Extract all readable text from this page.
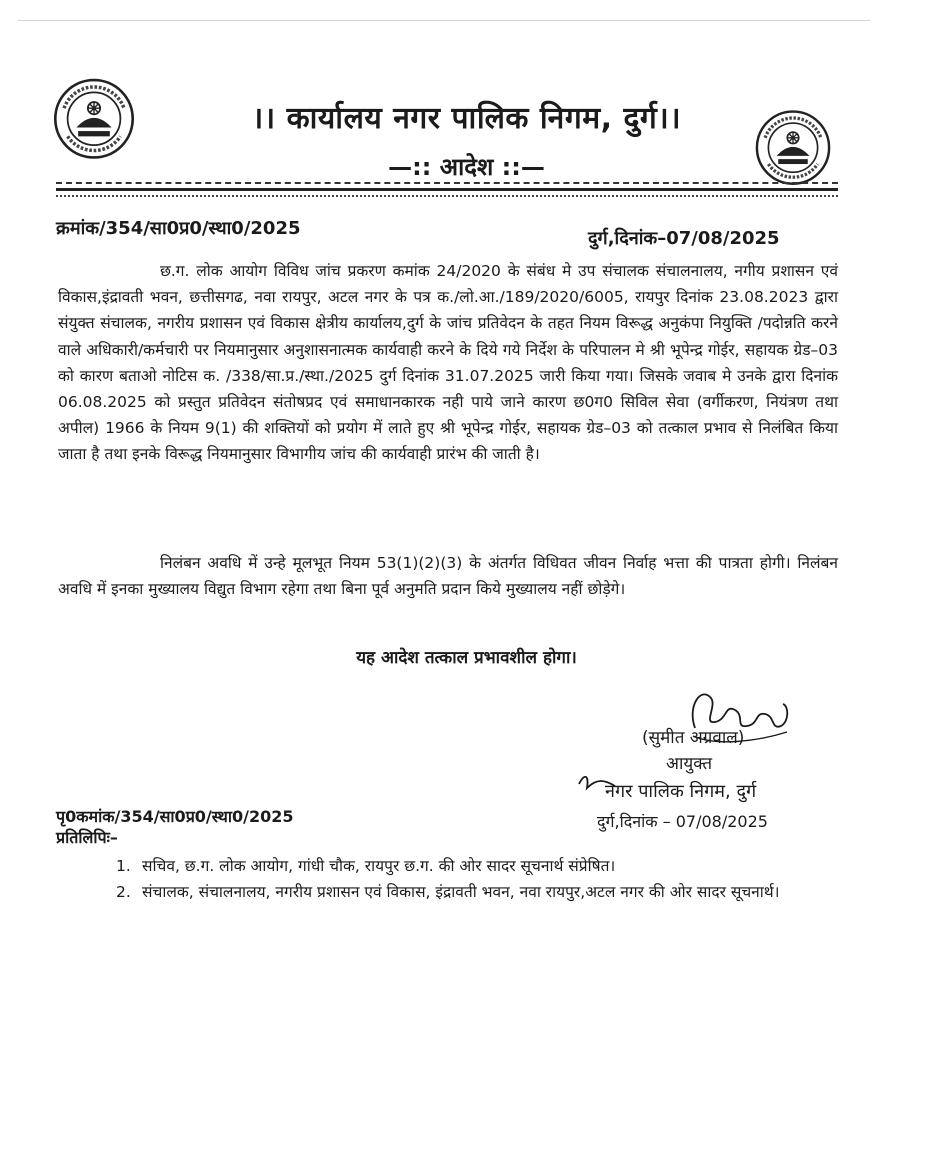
।। कार्यालय नगर पालिक निगम, दुर्ग।।
—:: आदेश ::—
क्रमांक/354/सा0प्र0/स्था0/2025	दुर्ग,दिनांक–07/08/2025
छ.ग. लोक आयोग विविध जांच प्रकरण कमांक 24/2020 के संबंध मे उप संचालक संचालनालय, नगीय प्रशासन एवं विकास,इंद्रावती भवन, छत्तीसगढ, नवा रायपुर, अटल नगर के पत्र क./लो.आ./189/2020/6005, रायपुर दिनांक 23.08.2023 द्वारा संयुक्त संचालक, नगरीय प्रशासन एवं विकास क्षेत्रीय कार्यालय,दुर्ग के जांच प्रतिवेदन के तहत नियम विरूद्ध अनुकंपा नियुक्ति /पदोन्नति करने वाले अधिकारी/कर्मचारी पर नियमानुसार अनुशासनात्मक कार्यवाही करने के दिये गये निर्देश के परिपालन मे श्री भूपेन्द्र गोईर, सहायक ग्रेड–03 को कारण बताओ नोटिस क. /338/सा.प्र./स्था./2025 दुर्ग दिनांक 31.07.2025 जारी किया गया। जिसके जवाब मे उनके द्वारा दिनांक 06.08.2025 को प्रस्तुत प्रतिवेदन संतोषप्रद एवं समाधानकारक नही पाये जाने कारण छ0ग0 सिविल सेवा (वर्गीकरण, नियंत्रण तथा अपील) 1966 के नियम 9(1) की शक्तियों को प्रयोग में लाते हुए श्री भूपेन्द्र गोईर, सहायक ग्रेड–03 को तत्काल प्रभाव से निलंबित किया जाता है तथा इनके विरूद्ध नियमानुसार विभागीय जांच की कार्यवाही प्रारंभ की जाती है।
निलंबन अवधि में उन्हे मूलभूत नियम 53(1)(2)(3) के अंतर्गत विधिवत जीवन निर्वाह भत्ता की पात्रता होगी। निलंबन अवधि में इनका मुख्यालय विद्युत विभाग रहेगा तथा बिना पूर्व अनुमति प्रदान किये मुख्यालय नहीं छोड़ेगे।
यह आदेश तत्काल प्रभावशील होगा।
(सुमीत अग्रवाल)
आयुक्त
नगर पालिक निगम, दुर्ग
दुर्ग,दिनांक – 07/08/2025
पृ0कमांक/354/सा0प्र0/स्था0/2025
प्रतिलिपिः–
1. सचिव, छ.ग. लोक आयोग, गांधी चौक, रायपुर छ.ग. की ओर सादर सूचनार्थ संप्रेषित।
2. संचालक, संचालनालय, नगरीय प्रशासन एवं विकास, इंद्रावती भवन, नवा रायपुर,अटल नगर की ओर सादर सूचनार्थ।
